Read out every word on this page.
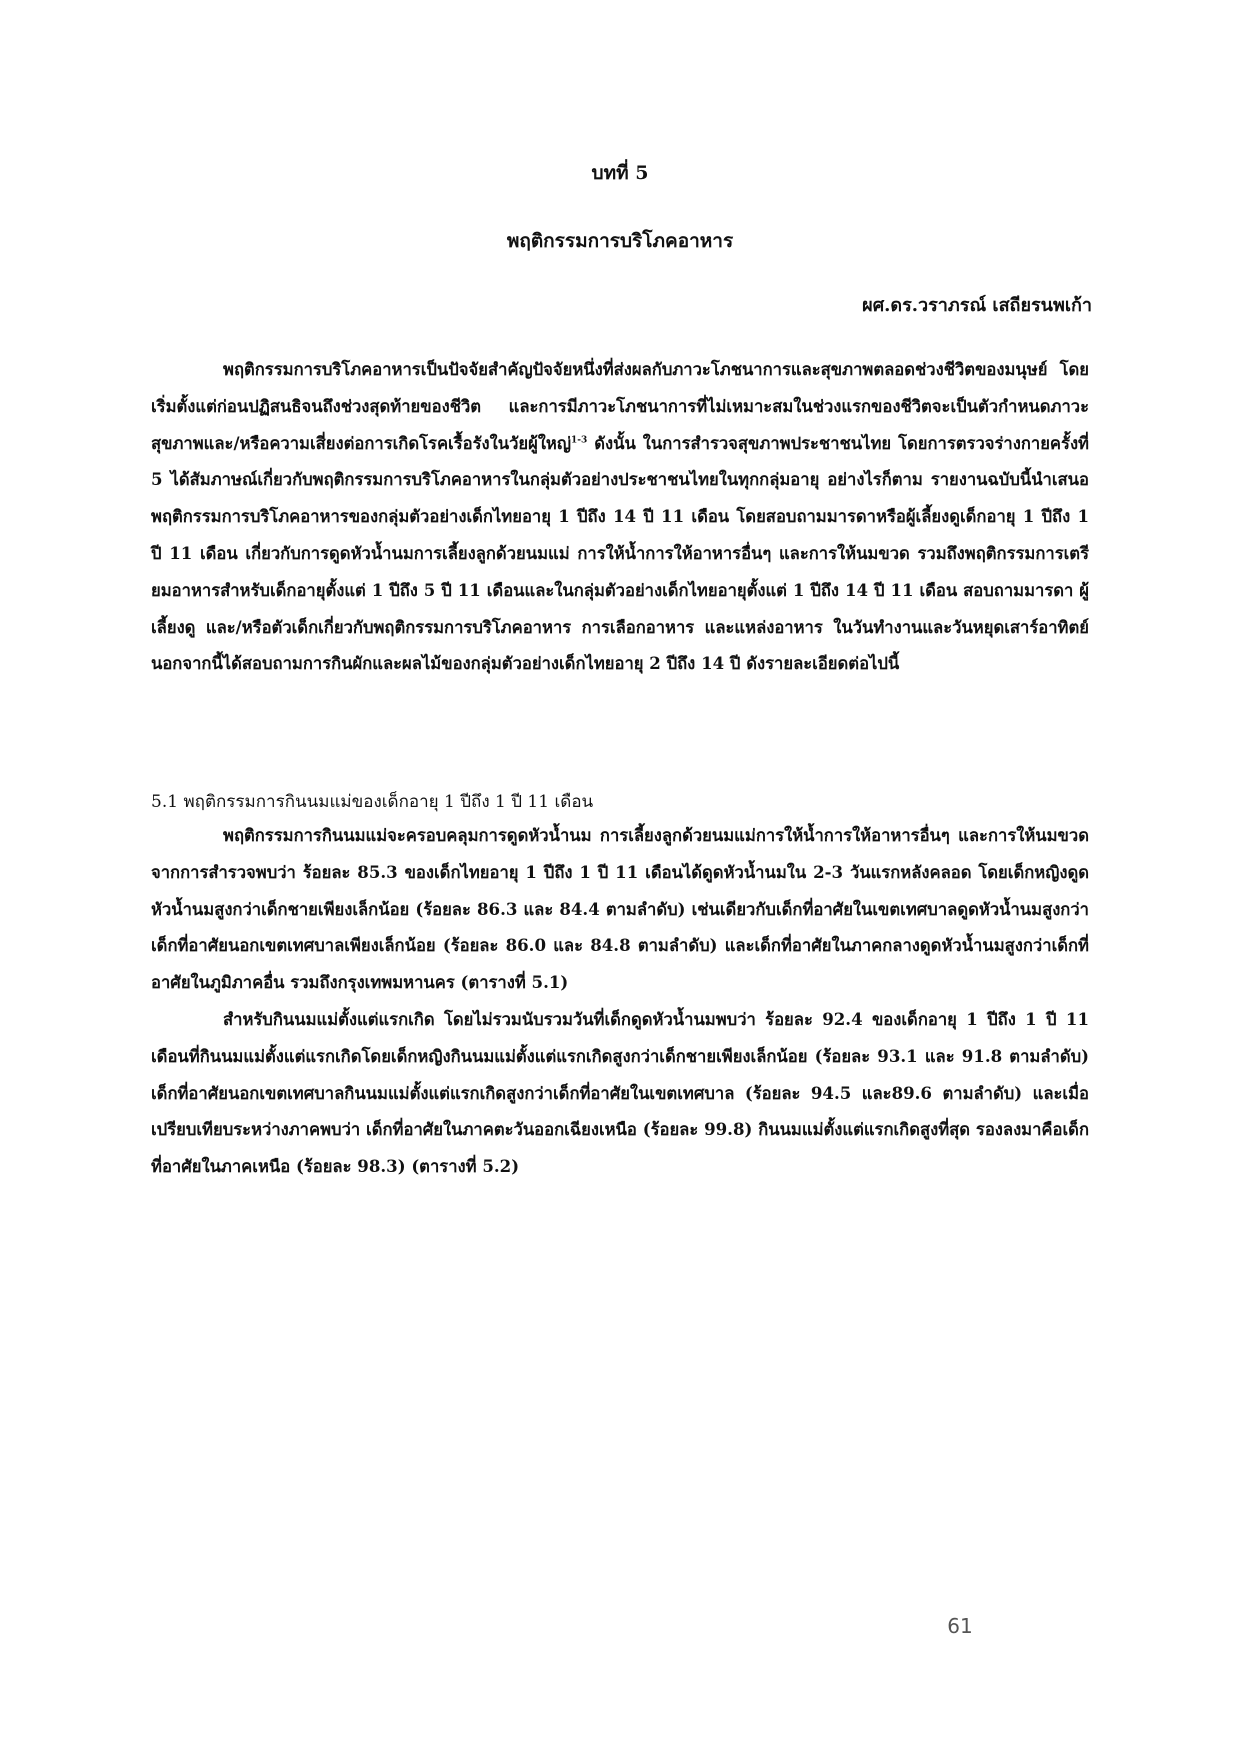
บทที่ 5
พฤติกรรมการบริโภคอาหาร
ผศ.ดร.วราภรณ์ เสถียรนพเก้า

พฤติกรรมการบริโภคอาหารเป็นปัจจัยสำคัญปัจจัยหนึ่งที่ส่งผลกับภาวะโภชนาการและสุขภาพตลอดช่วงชีวิตของมนุษย์ โดยเริ่มตั้งแต่ก่อนปฏิสนธิจนถึงช่วงสุดท้ายของชีวิต และการมีภาวะโภชนาการที่ไม่เหมาะสมในช่วงแรกของชีวิตจะเป็นตัวกำหนดภาวะสุขภาพและ/หรือความเสี่ยงต่อการเกิดโรคเรื้อรังในวัยผู้ใหญ่$^{1-3}$ ดังนั้น ในการสำรวจสุขภาพประชาชนไทย โดยการตรวจร่างกายครั้งที่ 5 ได้สัมภาษณ์เกี่ยวกับพฤติกรรมการบริโภคอาหารในกลุ่มตัวอย่างประชาชนไทยในทุกกลุ่มอายุ อย่างไรก็ตาม รายงานฉบับนี้นำเสนอพฤติกรรมการบริโภคอาหารของกลุ่มตัวอย่างเด็กไทยอายุ 1 ปีถึง 14 ปี 11 เดือน โดยสอบถามมารดาหรือผู้เลี้ยงดูเด็กอายุ 1 ปีถึง 1 ปี 11 เดือน เกี่ยวกับการดูดหัวน้ำนมการเลี้ยงลูกด้วยนมแม่ การให้น้ำการให้อาหารอื่นๆ และการให้นมขวด รวมถึงพฤติกรรมการเตรียมอาหารสำหรับเด็กอายุตั้งแต่ 1 ปีถึง 5 ปี 11 เดือนและในกลุ่มตัวอย่างเด็กไทยอายุตั้งแต่ 1 ปีถึง 14 ปี 11 เดือน สอบถามมารดา ผู้เลี้ยงดู และ/หรือตัวเด็กเกี่ยวกับพฤติกรรมการบริโภคอาหาร การเลือกอาหาร และแหล่งอาหาร ในวันทำงานและวันหยุดเสาร์อาทิตย์ นอกจากนี้ได้สอบถามการกินผักและผลไม้ของกลุ่มตัวอย่างเด็กไทยอายุ 2 ปีถึง 14 ปี ดังรายละเอียดต่อไปนี้

5.1 พฤติกรรมการกินนมแม่ของเด็กอายุ 1 ปีถึง 1 ปี 11 เดือน

พฤติกรรมการกินนมแม่จะครอบคลุมการดูดหัวน้ำนม การเลี้ยงลูกด้วยนมแม่การให้น้ำการให้อาหารอื่นๆ และการให้นมขวด จากการสำรวจพบว่า ร้อยละ 85.3 ของเด็กไทยอายุ 1 ปีถึง 1 ปี 11 เดือนได้ดูดหัวน้ำนมใน 2-3 วันแรกหลังคลอด โดยเด็กหญิงดูดหัวน้ำนมสูงกว่าเด็กชายเพียงเล็กน้อย (ร้อยละ 86.3 และ 84.4 ตามลำดับ) เช่นเดียวกับเด็กที่อาศัยในเขตเทศบาลดูดหัวน้ำนมสูงกว่าเด็กที่อาศัยนอกเขตเทศบาลเพียงเล็กน้อย (ร้อยละ 86.0 และ 84.8 ตามลำดับ) และเด็กที่อาศัยในภาคกลางดูดหัวน้ำนมสูงกว่าเด็กที่อาศัยในภูมิภาคอื่น รวมถึงกรุงเทพมหานคร (ตารางที่ 5.1)

สำหรับกินนมแม่ตั้งแต่แรกเกิด โดยไม่รวมนับรวมวันที่เด็กดูดหัวน้ำนมพบว่า ร้อยละ 92.4 ของเด็กอายุ 1 ปีถึง 1 ปี 11 เดือนที่กินนมแม่ตั้งแต่แรกเกิดโดยเด็กหญิงกินนมแม่ตั้งแต่แรกเกิดสูงกว่าเด็กชายเพียงเล็กน้อย (ร้อยละ 93.1 และ 91.8 ตามลำดับ) เด็กที่อาศัยนอกเขตเทศบาลกินนมแม่ตั้งแต่แรกเกิดสูงกว่าเด็กที่อาศัยในเขตเทศบาล (ร้อยละ 94.5 และ89.6 ตามลำดับ) และเมื่อเปรียบเทียบระหว่างภาคพบว่า เด็กที่อาศัยในภาคตะวันออกเฉียงเหนือ (ร้อยละ 99.8) กินนมแม่ตั้งแต่แรกเกิดสูงที่สุด รองลงมาคือเด็กที่อาศัยในภาคเหนือ (ร้อยละ 98.3) (ตารางที่ 5.2)

61
